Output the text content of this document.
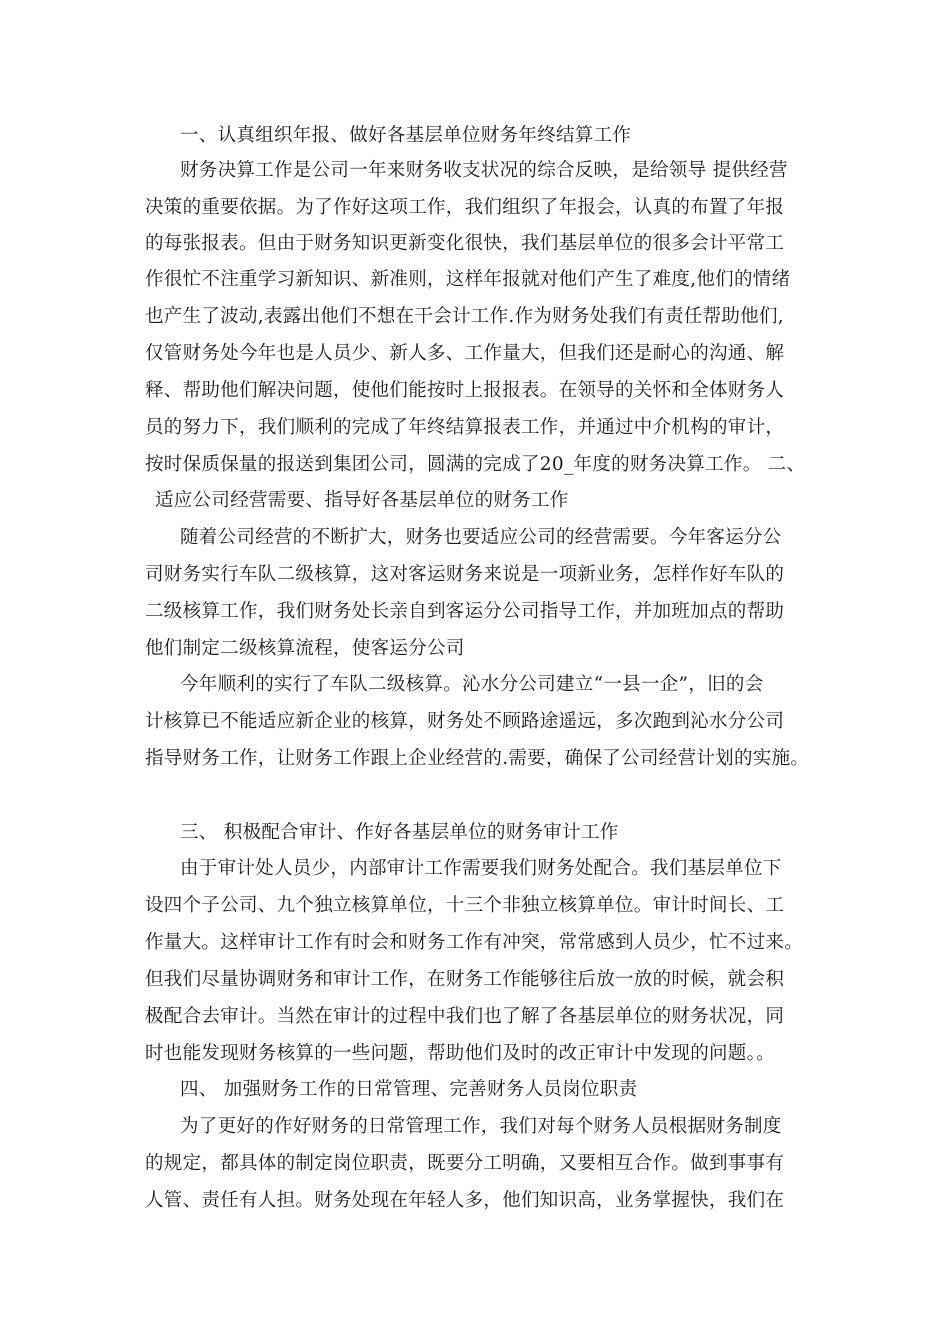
一、认真组织年报、做好各基层单位财务年终结算工作
财务决算工作是公司一年来财务收支状况的综合反映，是给领导 提供经营
决策的重要依据。为了作好这项工作，我们组织了年报会，认真的布置了年报
的每张报表。但由于财务知识更新变化很快，我们基层单位的很多会计平常工
作很忙不注重学习新知识、新准则，这样年报就对他们产生了难度,他们的情绪
也产生了波动,表露出他们不想在干会计工作.作为财务处我们有责任帮助他们,
仅管财务处今年也是人员少、新人多、工作量大，但我们还是耐心的沟通、解
释、帮助他们解决问题，使他们能按时上报报表。在领导的关怀和全体财务人
员的努力下，我们顺利的完成了年终结算报表工作，并通过中介机构的审计，
按时保质保量的报送到集团公司，圆满的完成了20_年度的财务决算工作。 二、
适应公司经营需要、指导好各基层单位的财务工作
随着公司经营的不断扩大，财务也要适应公司的经营需要。今年客运分公
司财务实行车队二级核算，这对客运财务来说是一项新业务，怎样作好车队的
二级核算工作，我们财务处长亲自到客运分公司指导工作，并加班加点的帮助
他们制定二级核算流程，使客运分公司
今年顺利的实行了车队二级核算。沁水分公司建立“一县一企”，旧的会
计核算已不能适应新企业的核算，财务处不顾路途遥远，多次跑到沁水分公司
指导财务工作，让财务工作跟上企业经营的.需要，确保了公司经营计划的实施。
三、 积极配合审计、作好各基层单位的财务审计工作
由于审计处人员少，内部审计工作需要我们财务处配合。我们基层单位下
设四个子公司、九个独立核算单位，十三个非独立核算单位。审计时间长、工
作量大。这样审计工作有时会和财务工作有冲突，常常感到人员少，忙不过来。
但我们尽量协调财务和审计工作，在财务工作能够往后放一放的时候，就会积
极配合去审计。当然在审计的过程中我们也了解了各基层单位的财务状况，同
时也能发现财务核算的一些问题，帮助他们及时的改正审计中发现的问题。。
四、 加强财务工作的日常管理、完善财务人员岗位职责
为了更好的作好财务的日常管理工作，我们对每个财务人员根据财务制度
的规定，都具体的制定岗位职责，既要分工明确，又要相互合作。做到事事有
人管、责任有人担。财务处现在年轻人多，他们知识高，业务掌握快，我们在
